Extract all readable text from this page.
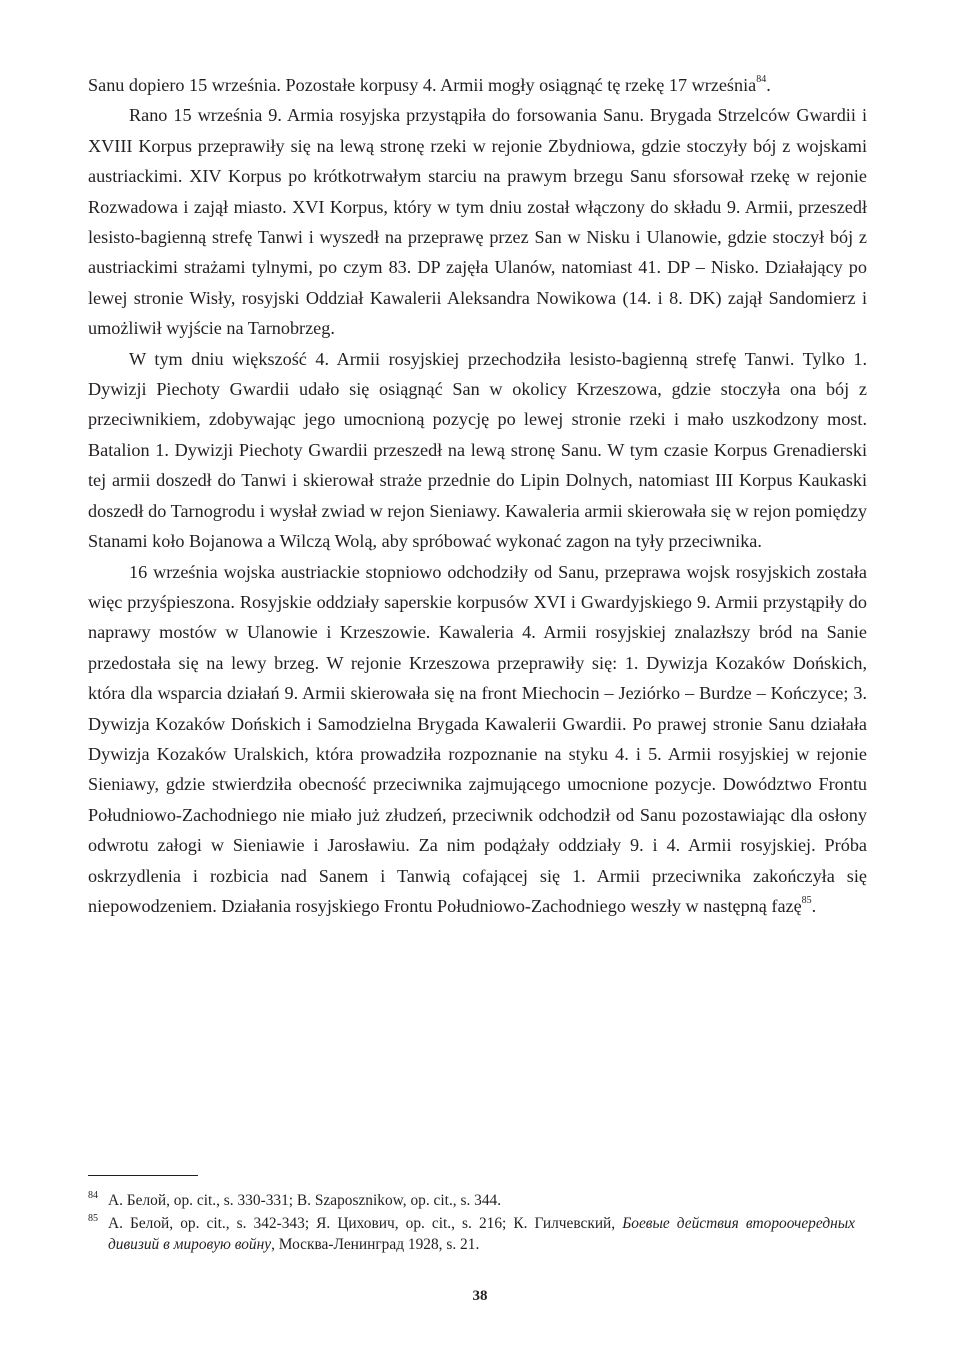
Sanu dopiero 15 września. Pozostałe korpusy 4. Armii mogły osiągnąć tę rzekę 17 września$^{84}$.

Rano 15 września 9. Armia rosyjska przystąpiła do forsowania Sanu. Brygada Strzelców Gwardii i XVIII Korpus przeprawiły się na lewą stronę rzeki w rejonie Zbydniowa, gdzie stoczyły bój z wojskami austriackimi. XIV Korpus po krótkotrwałym starciu na prawym brzegu Sanu sforsował rzekę w rejonie Rozwadowa i zajął miasto. XVI Korpus, który w tym dniu został włączony do składu 9. Armii, przeszedł lesisto-bagienną strefę Tanwi i wyszedł na przeprawę przez San w Nisku i Ulanowie, gdzie stoczył bój z austriackimi strażami tylnymi, po czym 83. DP zajęła Ulanów, natomiast 41. DP – Nisko. Działający po lewej stronie Wisły, rosyjski Oddział Kawalerii Aleksandra Nowikowa (14. i 8. DK) zajął Sandomierz i umożliwił wyjście na Tarnobrzeg.

W tym dniu większość 4. Armii rosyjskiej przechodziła lesisto-bagienną strefę Tanwi. Tylko 1. Dywizji Piechoty Gwardii udało się osiągnąć San w okolicy Krzeszowa, gdzie stoczyła ona bój z przeciwnikiem, zdobywając jego umocnioną pozycję po lewej stronie rzeki i mało uszkodzony most. Batalion 1. Dywizji Piechoty Gwardii przeszedł na lewą stronę Sanu. W tym czasie Korpus Grenadierski tej armii doszedł do Tanwi i skierował straże przednie do Lipin Dolnych, natomiast III Korpus Kaukaski doszedł do Tarnogrodu i wysłał zwiad w rejon Sieniawy. Kawaleria armii skierowała się w rejon pomiędzy Stanami koło Bojanowa a Wilczą Wolą, aby spróbować wykonać zagon na tyły przeciwnika.

16 września wojska austriackie stopniowo odchodziły od Sanu, przeprawa wojsk rosyjskich została więc przyśpieszona. Rosyjskie oddziały saperskie korpusów XVI i Gwardyjskiego 9. Armii przystąpiły do naprawy mostów w Ulanowie i Krzeszowie. Kawaleria 4. Armii rosyjskiej znalazłszy bród na Sanie przedostała się na lewy brzeg. W rejonie Krzeszowa przeprawiły się: 1. Dywizja Kozaków Dońskich, która dla wsparcia działań 9. Armii skierowała się na front Miechocin – Jeziórko – Burdze – Kończyce; 3. Dywizja Kozaków Dońskich i Samodzielna Brygada Kawalerii Gwardii. Po prawej stronie Sanu działała Dywizja Kozaków Uralskich, która prowadziła rozpoznanie na styku 4. i 5. Armii rosyjskiej w rejonie Sieniawy, gdzie stwierdziła obecność przeciwnika zajmującego umocnione pozycje. Dowództwo Frontu Południowo-Zachodniego nie miało już złudzeń, przeciwnik odchodził od Sanu pozostawiając dla osłony odwrotu załogi w Sieniawie i Jarosławiu. Za nim podążały oddziały 9. i 4. Armii rosyjskiej. Próba oskrzydlenia i rozbicia nad Sanem i Tanwią cofającej się 1. Armii przeciwnika zakończyła się niepowodzeniem. Działania rosyjskiego Frontu Południowo-Zachodniego weszły w następną fazę$^{85}$.

84 А. Белой, op. cit., s. 330-331; В. Szaposznikow, op. cit., s. 344.
85 А. Белой, op. cit., s. 342-343; Я. Цихович, op. cit., s. 216; К. Гилчевский, Боевые действия второочередных дивизий в мировую войну, Москва-Ленинград 1928, s. 21.
38
